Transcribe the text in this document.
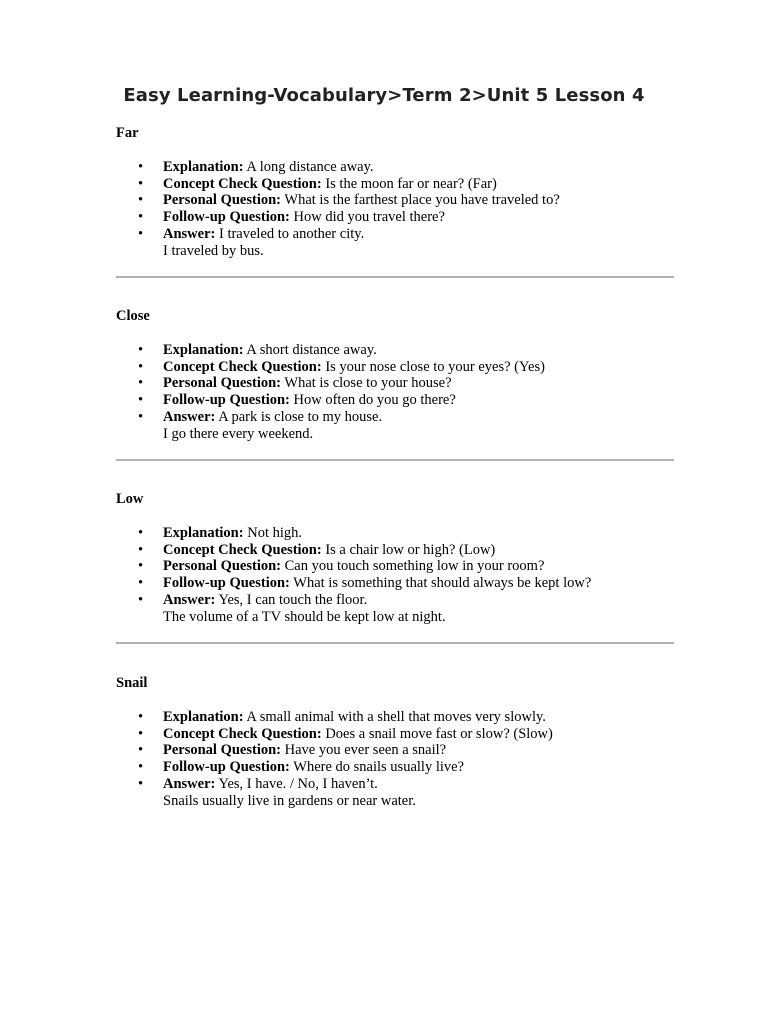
Easy Learning-Vocabulary>Term 2>Unit 5 Lesson 4

Far

• Explanation: A long distance away.
• Concept Check Question: Is the moon far or near? (Far)
• Personal Question: What is the farthest place you have traveled to?
• Follow-up Question: How did you travel there?
• Answer: I traveled to another city.
I traveled by bus.

Close

• Explanation: A short distance away.
• Concept Check Question: Is your nose close to your eyes? (Yes)
• Personal Question: What is close to your house?
• Follow-up Question: How often do you go there?
• Answer: A park is close to my house.
I go there every weekend.

Low

• Explanation: Not high.
• Concept Check Question: Is a chair low or high? (Low)
• Personal Question: Can you touch something low in your room?
• Follow-up Question: What is something that should always be kept low?
• Answer: Yes, I can touch the floor.
The volume of a TV should be kept low at night.

Snail

• Explanation: A small animal with a shell that moves very slowly.
• Concept Check Question: Does a snail move fast or slow? (Slow)
• Personal Question: Have you ever seen a snail?
• Follow-up Question: Where do snails usually live?
• Answer: Yes, I have. / No, I haven’t.
Snails usually live in gardens or near water.
